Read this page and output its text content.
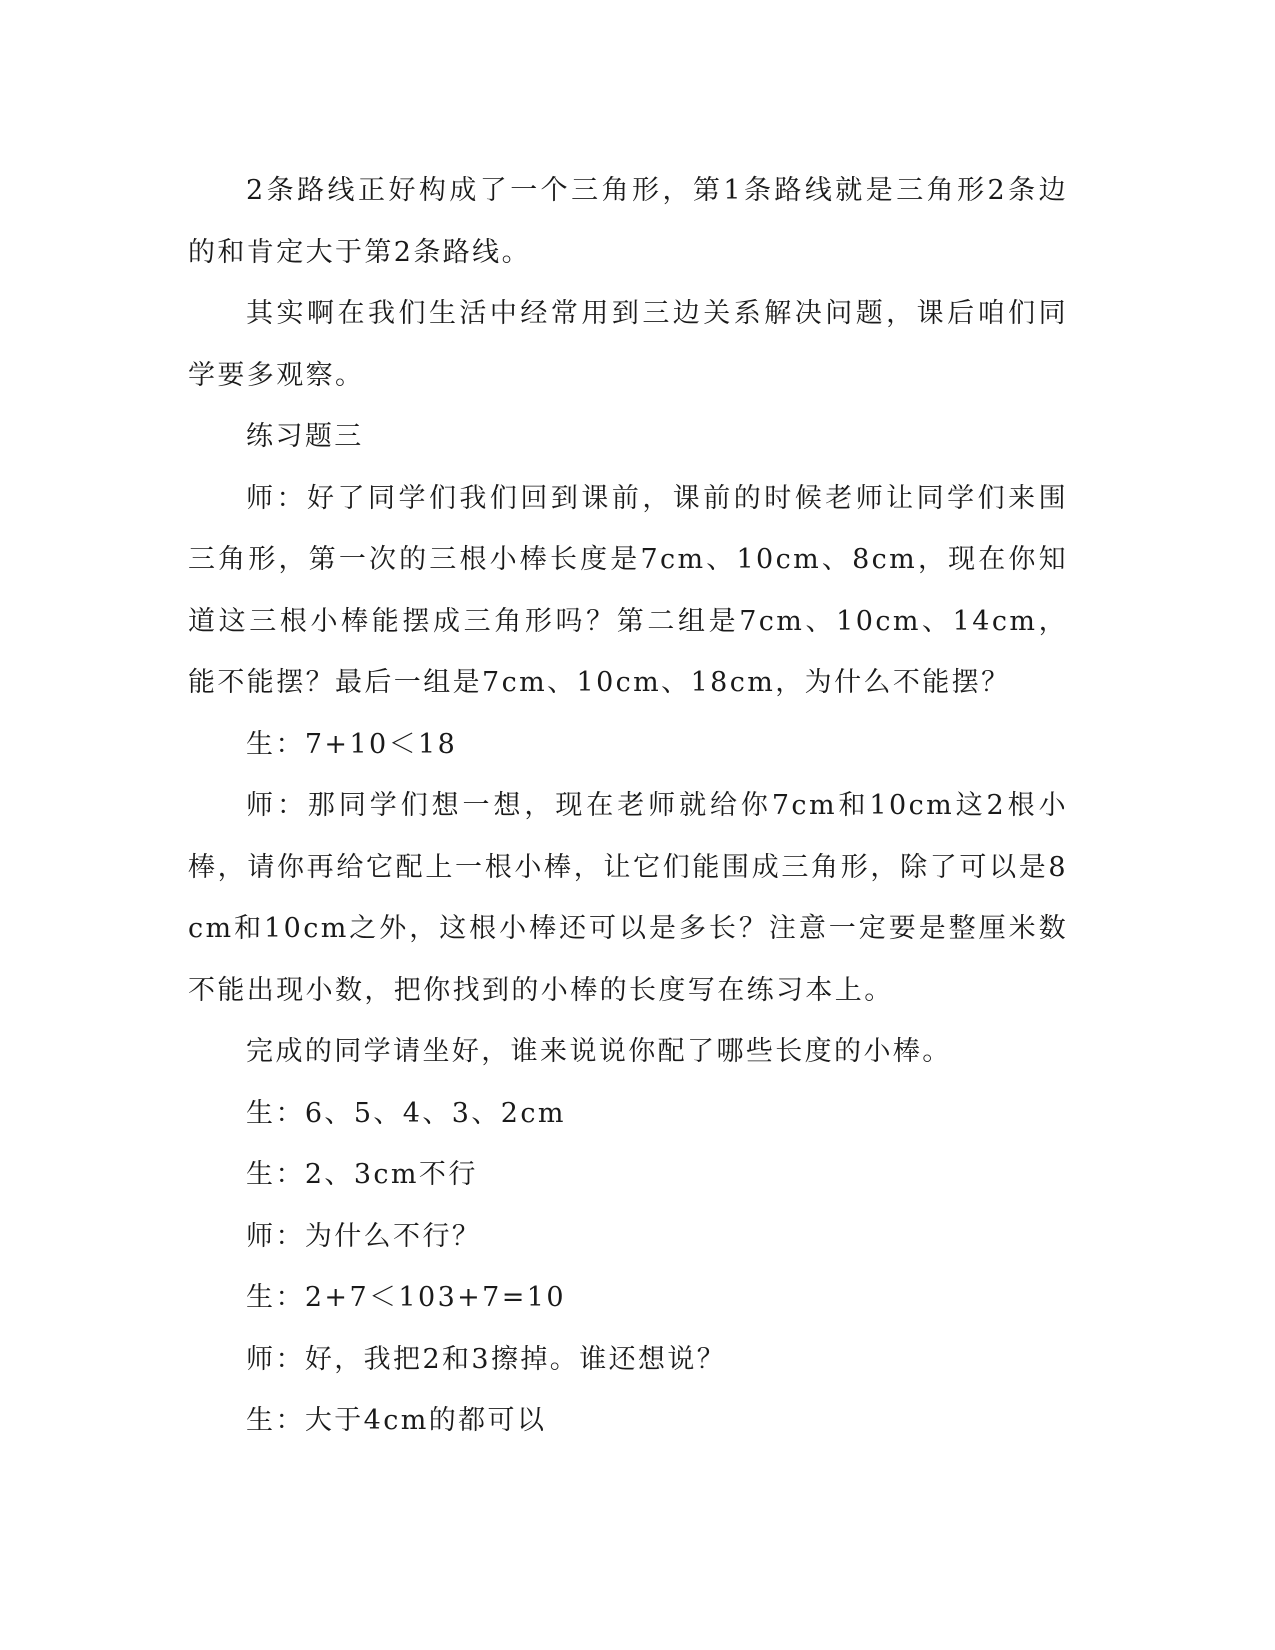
2条路线正好构成了一个三角形，第1条路线就是三角形2条边的和肯定大于第2条路线。

其实啊在我们生活中经常用到三边关系解决问题，课后咱们同学要多观察。

练习题三

师：好了同学们我们回到课前，课前的时候老师让同学们来围三角形，第一次的三根小棒长度是7cm、10cm、8cm，现在你知道这三根小棒能摆成三角形吗？第二组是7cm、10cm、14cm，能不能摆？最后一组是7cm、10cm、18cm，为什么不能摆？

生：7+10＜18

师：那同学们想一想，现在老师就给你7cm和10cm这2根小棒，请你再给它配上一根小棒，让它们能围成三角形，除了可以是8cm和10cm之外，这根小棒还可以是多长？注意一定要是整厘米数不能出现小数，把你找到的小棒的长度写在练习本上。

完成的同学请坐好，谁来说说你配了哪些长度的小棒。

生：6、5、4、3、2cm

生：2、3cm不行

师：为什么不行？

生：2+7＜103+7=10

师：好，我把2和3擦掉。谁还想说？

生：大于4cm的都可以
